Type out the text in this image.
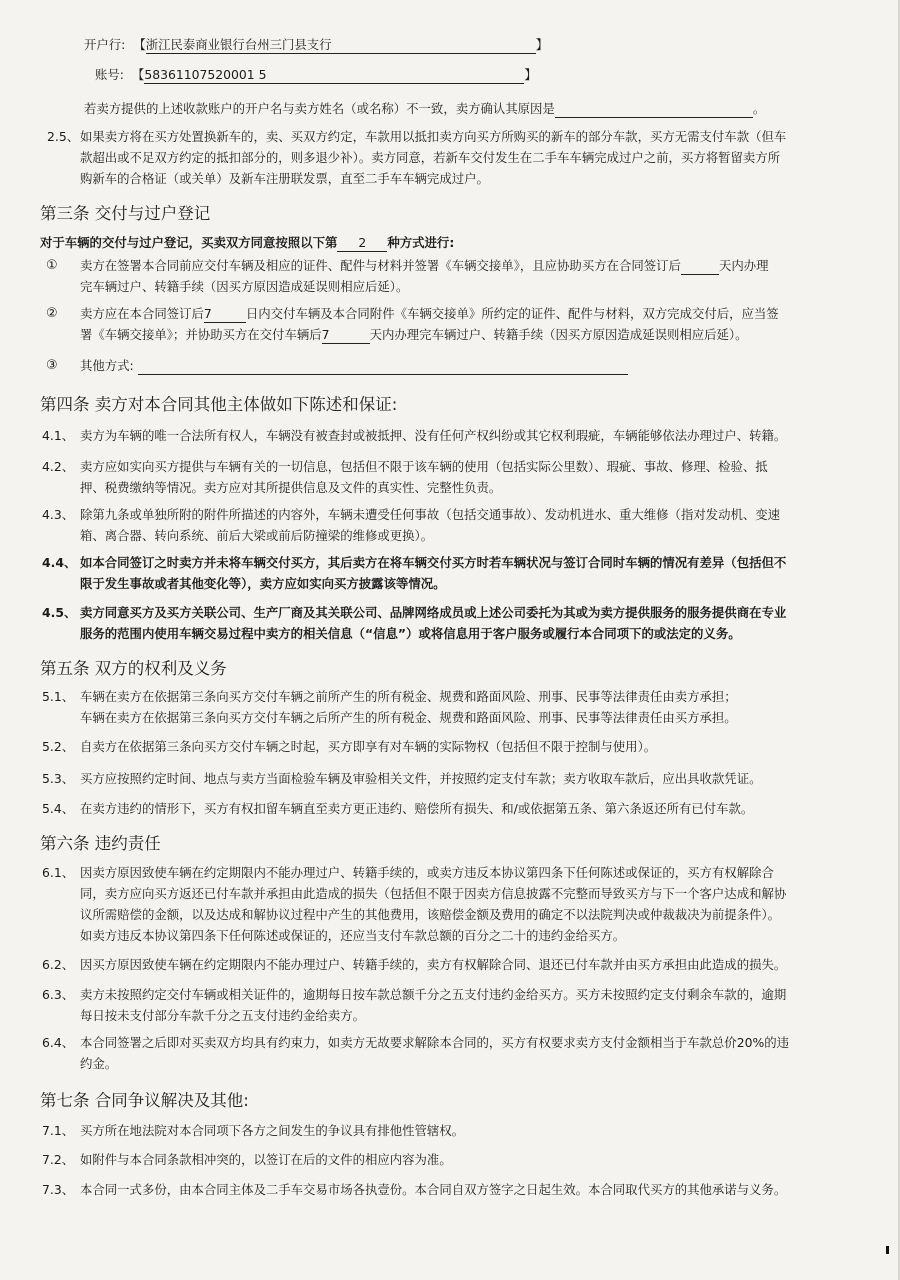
开户行: 【浙江民泰商业银行台州三门县支行	】
账号: 【58361107520001 5	】
若卖方提供的上述收款账户的开户名与卖方姓名（或名称）不一致，卖方确认其原因是	。
2.5、 如果卖方将在买方处置换新车的，卖、买双方约定，车款用以抵扣卖方向买方所购买的新车的部分车款，买方无需支付车款（但车
款超出或不足双方约定的抵扣部分的，则多退少补）。卖方同意，若新车交付发生在二手车车辆完成过户之前，买方将暂留卖方所
购新车的合格证（或关单）及新车注册联发票，直至二手车车辆完成过户。
第三条 交付与过户登记
对于车辆的交付与过户登记，买卖双方同意按照以下第 2 种方式进行:
① 卖方在签署本合同前应交付车辆及相应的证件、配件与材料并签署《车辆交接单》，且应协助买方在合同签订后	天内办理
完车辆过户、转籍手续（因买方原因造成延误则相应后延）。
② 卖方应在本合同签订后7	日内交付车辆及本合同附件《车辆交接单》所约定的证件、配件与材料，双方完成交付后，应当签
署《车辆交接单》；并协助买方在交付车辆后7	天内办理完车辆过户、转籍手续（因买方原因造成延误则相应后延）。
③ 其他方式:
第四条 卖方对本合同其他主体做如下陈述和保证:
4.1、 卖方为车辆的唯一合法所有权人，车辆没有被查封或被抵押、没有任何产权纠纷或其它权利瑕疵，车辆能够依法办理过户、转籍。
4.2、 卖方应如实向买方提供与车辆有关的一切信息，包括但不限于该车辆的使用（包括实际公里数）、瑕疵、事故、修理、检验、抵
押、税费缴纳等情况。卖方应对其所提供信息及文件的真实性、完整性负责。
4.3、 除第九条或单独所附的附件所描述的内容外，车辆未遭受任何事故（包括交通事故）、发动机进水、重大维修（指对发动机、变速
箱、离合器、转向系统、前后大梁或前后防撞梁的维修或更换）。
4.4、 如本合同签订之时卖方并未将车辆交付买方，其后卖方在将车辆交付买方时若车辆状况与签订合同时车辆的情况有差异（包括但不
限于发生事故或者其他变化等），卖方应如实向买方披露该等情况。
4.5、 卖方同意买方及买方关联公司、生产厂商及其关联公司、品牌网络成员或上述公司委托为其或为卖方提供服务的服务提供商在专业
服务的范围内使用车辆交易过程中卖方的相关信息（“信息”）或将信息用于客户服务或履行本合同项下的或法定的义务。
第五条 双方的权利及义务
5.1、 车辆在卖方在依据第三条向买方交付车辆之前所产生的所有税金、规费和路面风险、刑事、民事等法律责任由卖方承担；
车辆在卖方在依据第三条向买方交付车辆之后所产生的所有税金、规费和路面风险、刑事、民事等法律责任由买方承担。
5.2、 自卖方在依据第三条向买方交付车辆之时起，买方即享有对车辆的实际物权（包括但不限于控制与使用）。
5.3、 买方应按照约定时间、地点与卖方当面检验车辆及审验相关文件，并按照约定支付车款；卖方收取车款后，应出具收款凭证。
5.4、 在卖方违约的情形下，买方有权扣留车辆直至卖方更正违约、赔偿所有损失、和/或依据第五条、第六条返还所有已付车款。
第六条 违约责任
6.1、 因卖方原因致使车辆在约定期限内不能办理过户、转籍手续的，或卖方违反本协议第四条下任何陈述或保证的，买方有权解除合
同，卖方应向买方返还已付车款并承担由此造成的损失（包括但不限于因卖方信息披露不完整而导致买方与下一个客户达成和解协
议所需赔偿的金额，以及达成和解协议过程中产生的其他费用，该赔偿金额及费用的确定不以法院判决或仲裁裁决为前提条件）。
如卖方违反本协议第四条下任何陈述或保证的，还应当支付车款总额的百分之二十的违约金给买方。
6.2、 因买方原因致使车辆在约定期限内不能办理过户、转籍手续的，卖方有权解除合同、退还已付车款并由买方承担由此造成的损失。
6.3、 卖方未按照约定交付车辆或相关证件的，逾期每日按车款总额千分之五支付违约金给买方。买方未按照约定支付剩余车款的，逾期
每日按未支付部分车款千分之五支付违约金给卖方。
6.4、 本合同签署之后即对买卖双方均具有约束力，如卖方无故要求解除本合同的，买方有权要求卖方支付金额相当于车款总价20%的违
约金。
第七条 合同争议解决及其他:
7.1、 买方所在地法院对本合同项下各方之间发生的争议具有排他性管辖权。
7.2、 如附件与本合同条款相冲突的，以签订在后的文件的相应内容为准。
7.3、 本合同一式多份，由本合同主体及二手车交易市场各执壹份。本合同自双方签字之日起生效。本合同取代买方的其他承诺与义务。
